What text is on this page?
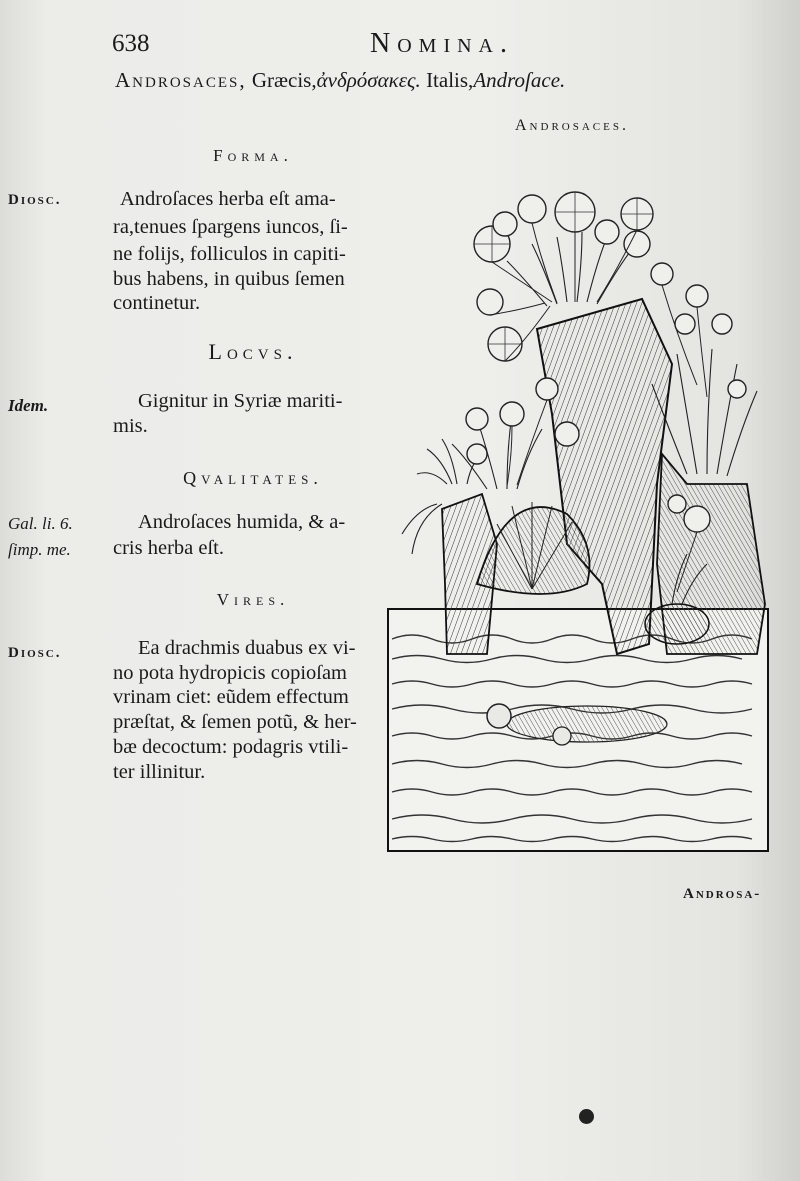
638	Nomina.
Androsaces, Græcis,ἀνδρόσακες. Italis,Androſace.
Androsaces.
Forma.
Diosc.	Androſaces herba eſt ama-
ra,tenues ſpargens iuncos, ſi-
ne folijs, folliculos in capiti-
bus habens, in quibus ſemen
continetur.
Locvs.
Idem.	Gignitur in Syriæ mariti-
mis.
Qvalitates.
Gal. li. 6.
ſimp. me.
Androſaces humida, & a-
cris herba eſt.
Vires.
Diosc.	Ea drachmis duabus ex vi-
no pota hydropicis copioſam
vrinam ciet: eũdem effectum
præſtat, & ſemen potũ, & her-
bæ decoctum: podagris vtili-
ter illinitur.
Androsa-
